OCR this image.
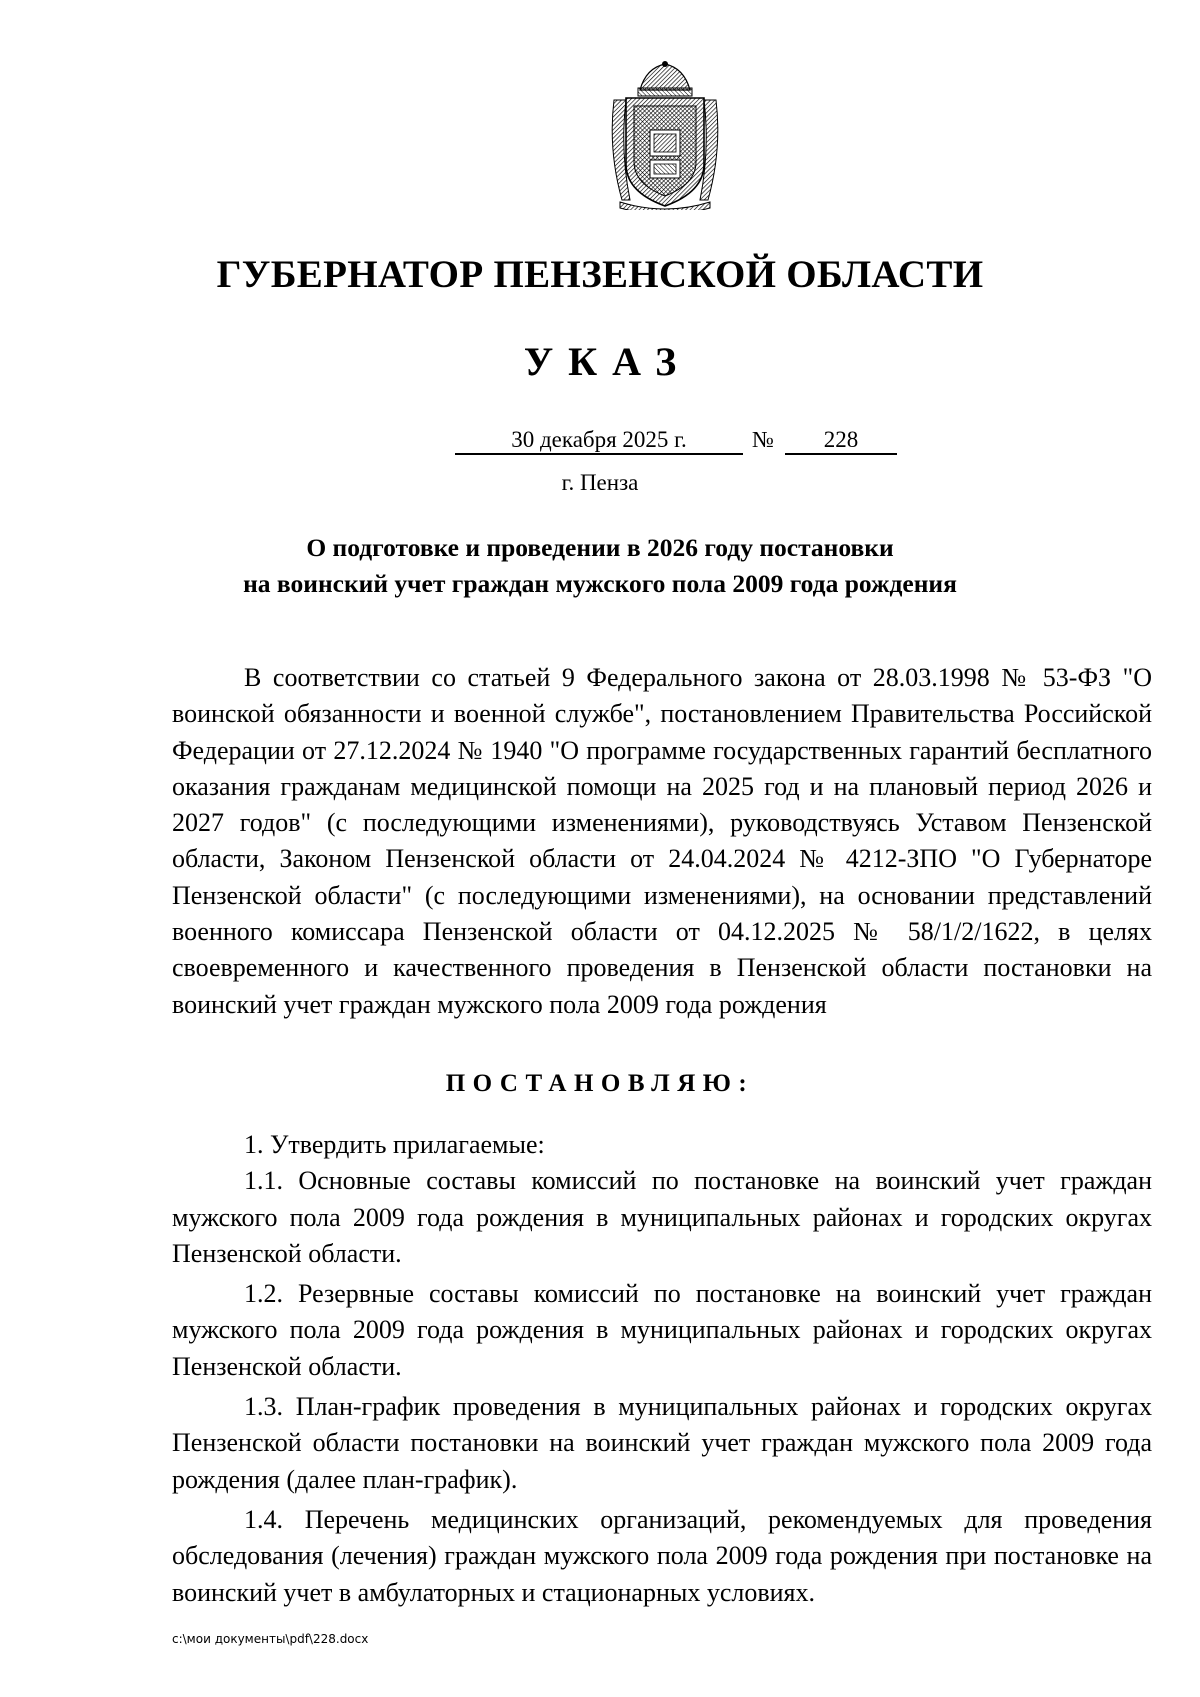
ГУБЕРНАТОР ПЕНЗЕНСКОЙ ОБЛАСТИ
УКАЗ
30 декабря 2025 г.	№	228
г. Пенза
О подготовке и проведении в 2026 году постановки
на воинский учет граждан мужского пола 2009 года рождения

В соответствии со статьей 9 Федерального закона от 28.03.1998 № 53-ФЗ "О воинской обязанности и военной службе", постановлением Правительства Российской Федерации от 27.12.2024 № 1940 "О программе государственных гарантий бесплатного оказания гражданам медицинской помощи на 2025 год и на плановый период 2026 и 2027 годов" (с последующими изменениями), руководствуясь Уставом Пензенской области, Законом Пензенской области от 24.04.2024 № 4212-ЗПО "О Губернаторе Пензенской области" (с последующими изменениями), на основании представлений военного комиссара Пензенской области от 04.12.2025 № 58/1/2/1622, в целях своевременного и качественного проведения в Пензенской области постановки на воинский учет граждан мужского пола 2009 года рождения

ПОСТАНОВЛЯЮ:

1. Утвердить прилагаемые:

1.1. Основные составы комиссий по постановке на воинский учет граждан мужского пола 2009 года рождения в муниципальных районах и городских округах Пензенской области.

1.2. Резервные составы комиссий по постановке на воинский учет граждан мужского пола 2009 года рождения в муниципальных районах и городских округах Пензенской области.

1.3. План-график проведения в муниципальных районах и городских округах Пензенской области постановки на воинский учет граждан мужского пола 2009 года рождения (далее план-график).

1.4. Перечень медицинских организаций, рекомендуемых для проведения обследования (лечения) граждан мужского пола 2009 года рождения при постановке на воинский учет в амбулаторных и стационарных условиях.

c:\мои документы\pdf\228.docx
